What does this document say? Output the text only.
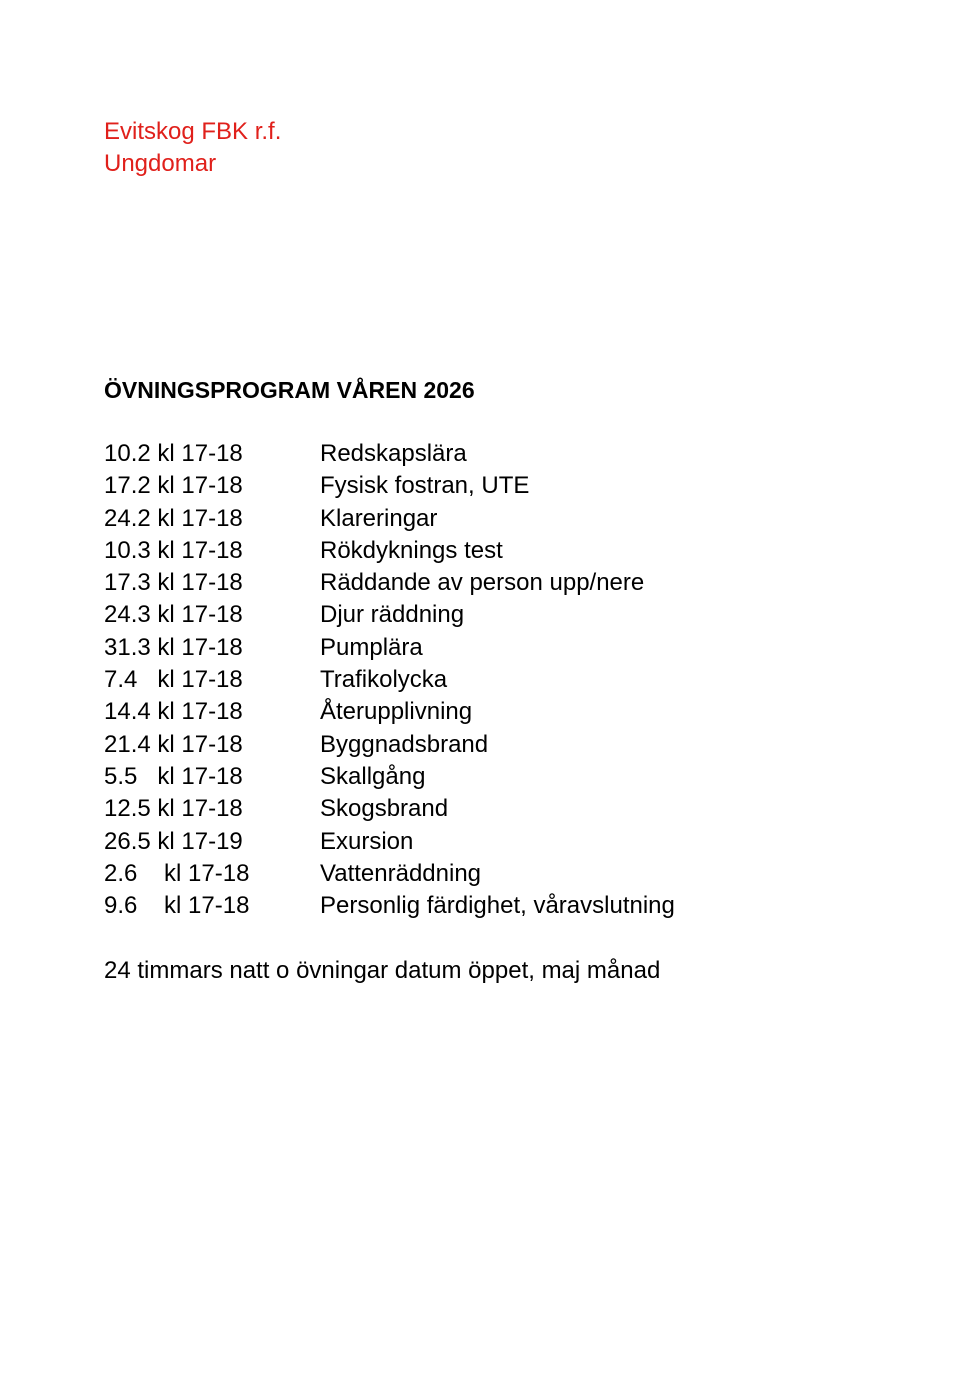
Evitskog FBK r.f.
Ungdomar
ÖVNINGSPROGRAM VÅREN 2026
10.2 kl 17-18	Redskapslära
17.2 kl 17-18	Fysisk fostran, UTE
24.2 kl 17-18	Klareringar
10.3 kl 17-18	Rökdyknings test
17.3 kl 17-18	Räddande av person upp/nere
24.3 kl 17-18	Djur räddning
31.3 kl 17-18	Pumplära
7.4   kl 17-18	Trafikolycka
14.4 kl 17-18	Återupplivning
21.4 kl 17-18	Byggnadsbrand
5.5   kl 17-18	Skallgång
12.5 kl 17-18	Skogsbrand
26.5 kl 17-19	Exursion
2.6    kl 17-18	Vattenräddning
9.6    kl 17-18	Personlig färdighet, våravslutning
24 timmars natt o övningar datum öppet, maj månad
